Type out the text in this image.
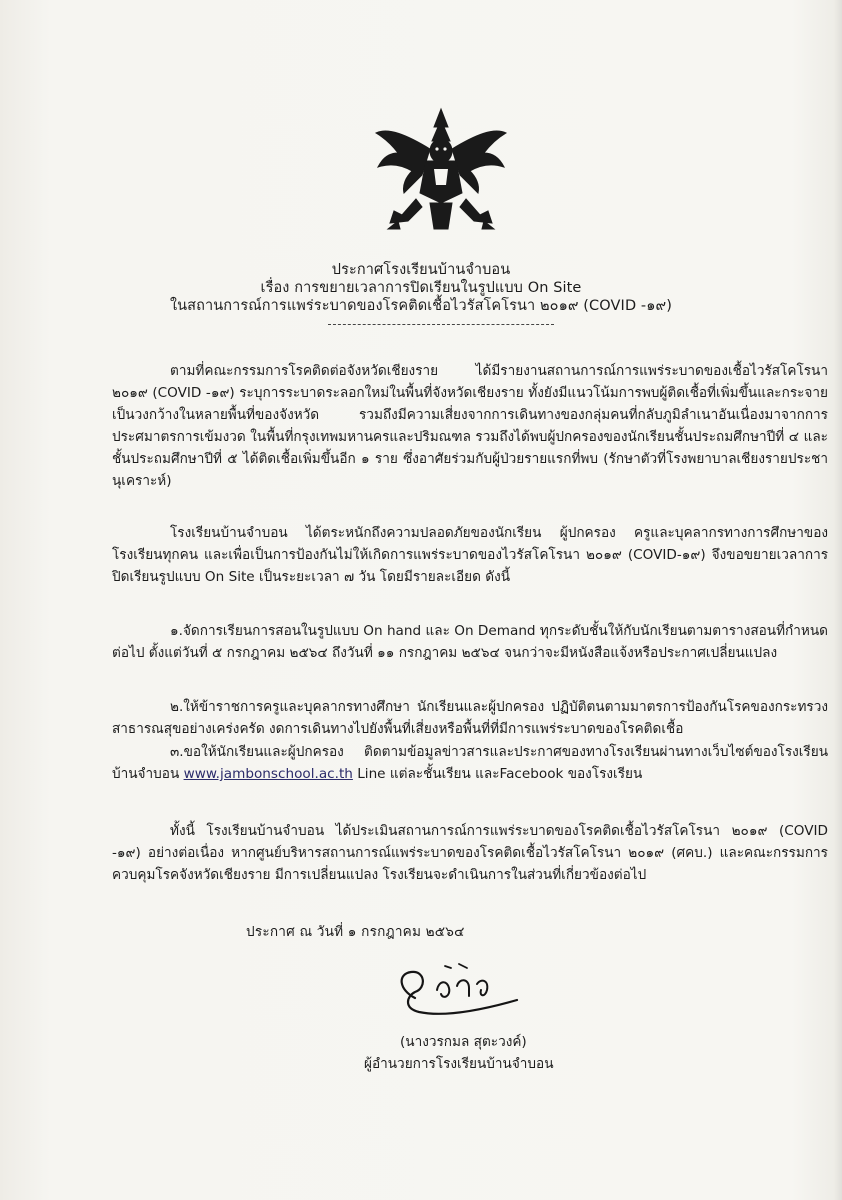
ประกาศโรงเรียนบ้านจำบอน
เรื่อง การขยายเวลาการปิดเรียนในรูปแบบ On Site
ในสถานการณ์การแพร่ระบาดของโรคติดเชื้อไวรัสโคโรนา ๒๐๑๙ (COVID -๑๙)

ตามที่คณะกรรมการโรคติดต่อจังหวัดเชียงราย ได้มีรายงานสถานการณ์การแพร่ระบาดของเชื้อไวรัสโคโรนา ๒๐๑๙ (COVID -๑๙) ระบุการระบาดระลอกใหม่ในพื้นที่จังหวัดเชียงราย ทั้งยังมีแนวโน้มการพบผู้ติดเชื้อที่เพิ่มขึ้นและกระจายเป็นวงกว้างในหลายพื้นที่ของจังหวัด รวมถึงมีความเสี่ยงจากการเดินทางของกลุ่มคนที่กลับภูมิลำเนาอันเนื่องมาจากการประศมาตรการเข้มงวด ในพื้นที่กรุงเทพมหานครและปริมณฑล รวมถึงได้พบผู้ปกครองของนักเรียนชั้นประถมศึกษาปีที่ ๔ และ ชั้นประถมศึกษาปีที่ ๕ ได้ติดเชื้อเพิ่มขึ้นอีก ๑ ราย ซึ่งอาศัยร่วมกับผู้ป่วยรายแรกที่พบ (รักษาตัวที่โรงพยาบาลเชียงรายประชานุเคราะห์)

โรงเรียนบ้านจำบอน ได้ตระหนักถึงความปลอดภัยของนักเรียน ผู้ปกครอง ครูและบุคลากรทางการศึกษาของโรงเรียนทุกคน และเพื่อเป็นการป้องกันไม่ให้เกิดการแพร่ระบาดของไวรัสโคโรนา ๒๐๑๙ (COVID-๑๙) จึงขอขยายเวลาการปิดเรียนรูปแบบ On Site เป็นระยะเวลา ๗ วัน โดยมีรายละเอียด ดังนี้

๑.จัดการเรียนการสอนในรูปแบบ On hand และ On Demand ทุกระดับชั้นให้กับนักเรียนตามตารางสอนที่กำหนดต่อไป ตั้งแต่วันที่ ๕ กรกฎาคม ๒๕๖๔ ถึงวันที่ ๑๑ กรกฎาคม ๒๕๖๔ จนกว่าจะมีหนังสือแจ้งหรือประกาศเปลี่ยนแปลง

๒.ให้ข้าราชการครูและบุคลากรทางศึกษา นักเรียนและผู้ปกครอง ปฏิบัติตนตามมาตรการป้องกันโรคของกระทรวงสาธารณสุขอย่างเคร่งครัด งดการเดินทางไปยังพื้นที่เสี่ยงหรือพื้นที่ที่มีการแพร่ระบาดของโรคติดเชื้อ

๓.ขอให้นักเรียนและผู้ปกครอง ติดตามข้อมูลข่าวสารและประกาศของทางโรงเรียนผ่านทางเว็บไซต์ของโรงเรียนบ้านจำบอน www.jambonschool.ac.th Line แต่ละชั้นเรียน และFacebook ของโรงเรียน

ทั้งนี้ โรงเรียนบ้านจำบอน ได้ประเมินสถานการณ์การแพร่ระบาดของโรคติดเชื้อไวรัสโคโรนา ๒๐๑๙ (COVID -๑๙) อย่างต่อเนื่อง หากศูนย์บริหารสถานการณ์แพร่ระบาดของโรคติดเชื้อไวรัสโคโรนา ๒๐๑๙ (ศคบ.) และคณะกรรมการควบคุมโรคจังหวัดเชียงราย มีการเปลี่ยนแปลง โรงเรียนจะดำเนินการในส่วนที่เกี่ยวข้องต่อไป

ประกาศ ณ วันที่ ๑ กรกฎาคม ๒๕๖๔
(นางวรกมล สุตะวงค์)
ผู้อำนวยการโรงเรียนบ้านจำบอน
